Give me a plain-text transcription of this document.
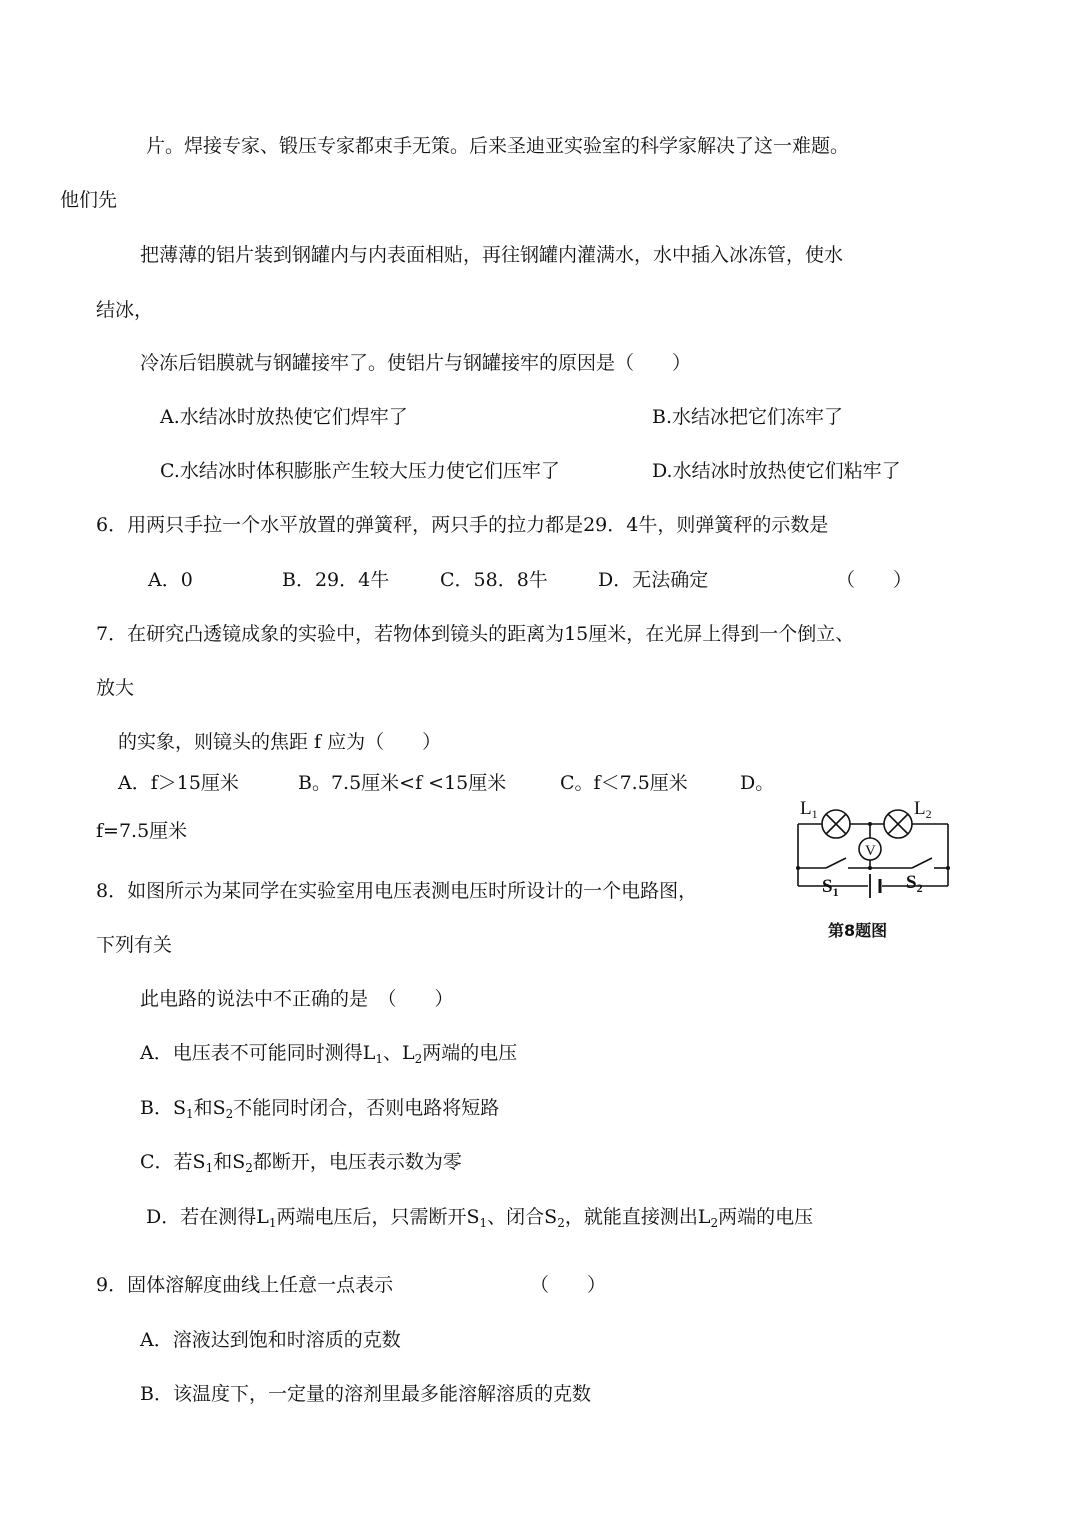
片。焊接专家、锻压专家都束手无策。后来圣迪亚实验室的科学家解决了这一难题。
他们先
把薄薄的铝片装到钢罐内与内表面相贴，再往钢罐内灌满水，水中插入冰冻管，使水
结冰，
冷冻后铝膜就与钢罐接牢了。使铝片与钢罐接牢的原因是（　　）
A.水结冰时放热使它们焊牢了	B.水结冰把它们冻牢了
C.水结冰时体积膨胀产生较大压力使它们压牢了	D.水结冰时放热使它们粘牢了
6．用两只手拉一个水平放置的弹簧秤，两只手的拉力都是29．4牛，则弹簧秤的示数是
A．0	B．29．4牛	C．58．8牛	D．无法确定	（　　）
7．在研究凸透镜成象的实验中，若物体到镜头的距离为15厘米，在光屏上得到一个倒立、
放大
的实象，则镜头的焦距 f 应为（　　）
A．f＞15厘米	B。7.5厘米<f <15厘米	C。f＜7.5厘米	D。
f=7.5厘米
8．如图所示为某同学在实验室用电压表测电压时所设计的一个电路图，
下列有关
此电路的说法中不正确的是　（　　）
A．电压表不可能同时测得$L_1$、$L_2$两端的电压
B．$S_1$和$S_2$不能同时闭合，否则电路将短路
C．若$S_1$和$S_2$都断开，电压表示数为零
D．若在测得$L_1$两端电压后，只需断开$S_1$、闭合$S_2$，就能直接测出$L_2$两端的电压
$L_1$	$L_2$
V
$S_1$	$S_2$
第8题图
9．固体溶解度曲线上任意一点表示	（　　）
A．溶液达到饱和时溶质的克数
B．该温度下，一定量的溶剂里最多能溶解溶质的克数
